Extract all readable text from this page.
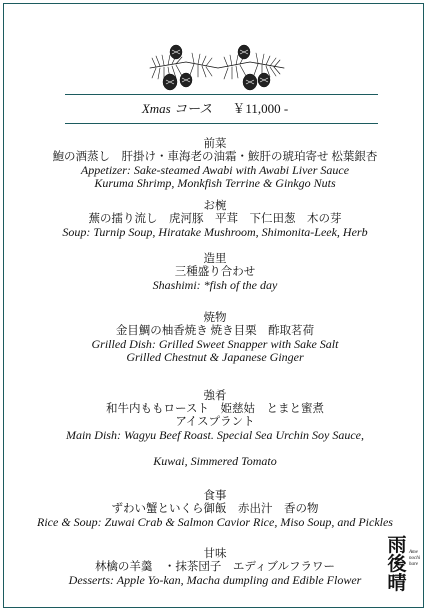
Xmas コース ￥11,000 -
前菜
鮑の酒蒸し　肝掛け・車海老の油霜・鮟肝の琥珀寄せ 松葉銀杏
Appetizer: Sake-steamed Awabi with Awabi Liver Sauce
Kuruma Shrimp, Monkfish Terrine & Ginkgo Nuts
お椀
蕪の擂り流し　虎河豚　平茸　下仁田葱　木の芽
Soup: Turnip Soup, Hiratake Mushroom, Shimonita-Leek, Herb
造里
三種盛り合わせ
Shashimi: *fish of the day
焼物
金目鯛の柚香焼き 焼き目栗　酢取茗荷
Grilled Dish: Grilled Sweet Snapper with Sake Salt
Grilled Chestnut & Japanese Ginger
強肴
和牛内ももロースト　姫慈姑　とまと蜜煮
アイスプラント
Main Dish: Wagyu Beef Roast. Special Sea Urchin Soy Sauce,
Kuwai, Simmered Tomato
食事
ずわい蟹といくら御飯　赤出汁　香の物
Rice & Soup: Zuwai Crab & Salmon Cavior Rice, Miso Soup, and Pickles
甘味
林檎の羊羹　・抹茶団子　エディブルフラワー
Desserts: Apple Yo-kan, Macha dumpling and Edible Flower
雨
後
晴
Ame
nochi
hare
